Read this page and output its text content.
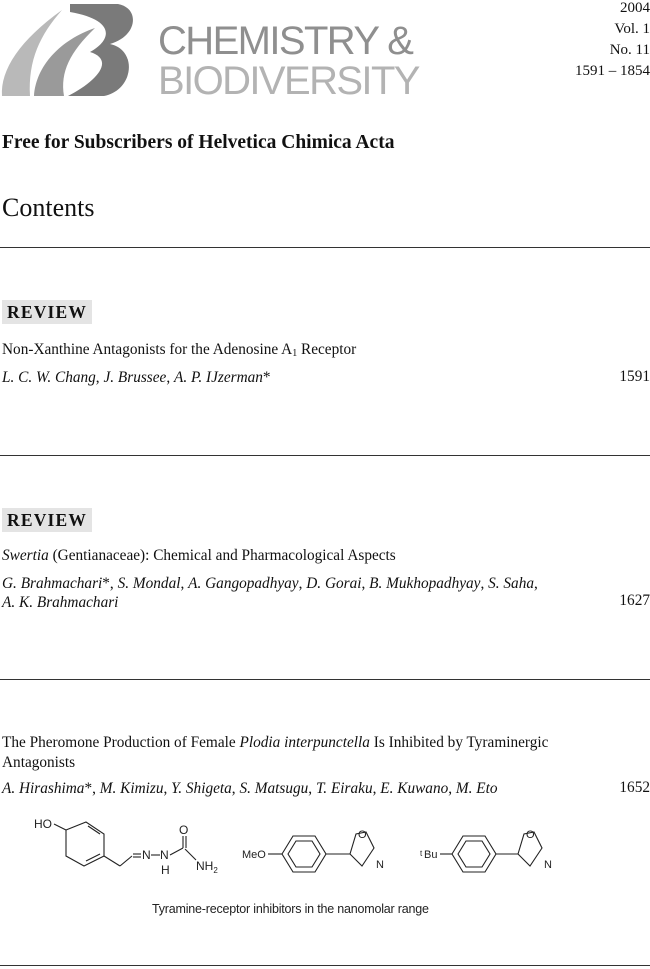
CHEMISTRY &
BIODIVERSITY
2004
Vol. 1
No. 11
1591 – 1854
Free for Subscribers of Helvetica Chimica Acta
Contents
REVIEW
Non-Xanthine Antagonists for the Adenosine $A_1$ Receptor
L. C. W. Chang, J. Brussee, A. P. IJzerman*	1591
REVIEW
Swertia (Gentianaceae): Chemical and Pharmacological Aspects
G. Brahmachari*, S. Mondal, A. Gangopadhyay, D. Gorai, B. Mukhopadhyay, S. Saha,
A. K. Brahmachari	1627
The Pheromone Production of Female Plodia interpunctella Is Inhibited by Tyraminergic
Antagonists
A. Hirashima*, M. Kimizu, Y. Shigeta, S. Matsugu, T. Eiraku, E. Kuwano, M. Eto	1652
HO
N N
H
O
$NH_2$
MeO
O
N
t Bu
O
N
Tyramine-receptor inhibitors in the nanomolar range
